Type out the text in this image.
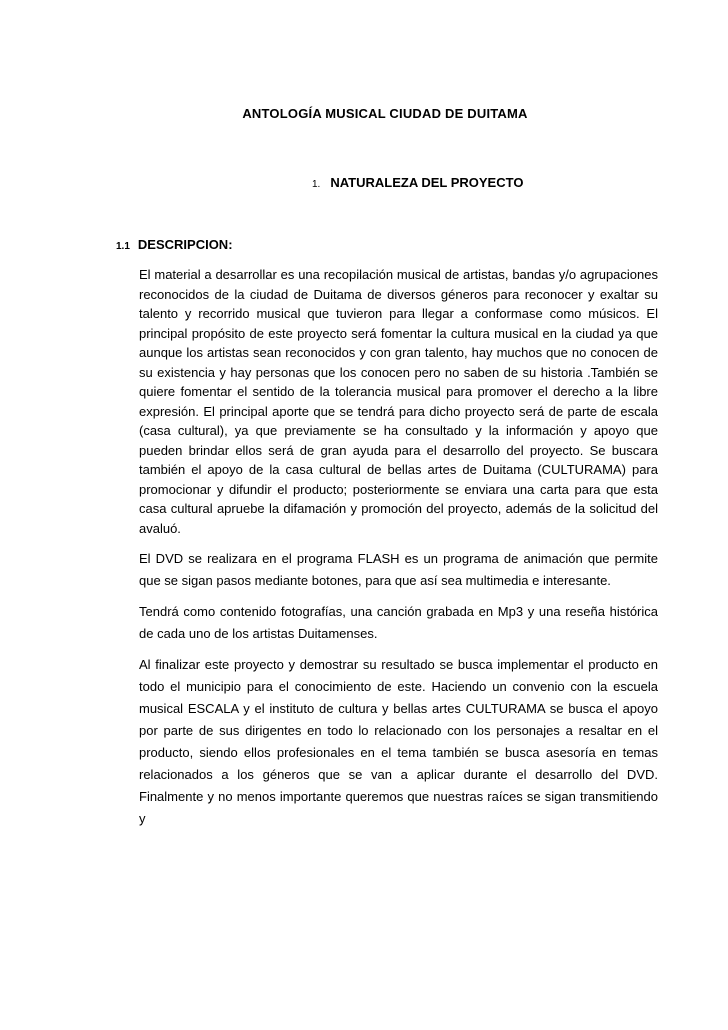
ANTOLOGÍA MUSICAL CIUDAD DE DUITAMA
1. NATURALEZA DEL PROYECTO
1.1 DESCRIPCION:

El material a desarrollar es una recopilación musical de artistas, bandas y/o agrupaciones reconocidos de la ciudad de Duitama de diversos géneros para reconocer y exaltar su talento y recorrido musical que tuvieron para llegar a conformase como músicos. El principal propósito de este proyecto será fomentar la cultura musical en la ciudad ya que aunque los artistas sean reconocidos y con gran talento, hay muchos que no conocen de su existencia y hay personas que los conocen pero no saben de su historia .También se quiere fomentar el sentido de la tolerancia musical para promover el derecho a la libre expresión. El principal aporte que se tendrá para dicho proyecto será de parte de escala (casa cultural), ya que previamente se ha consultado y la información y apoyo que pueden brindar ellos será de gran ayuda para el desarrollo del proyecto. Se buscara también el apoyo de la casa cultural de bellas artes de Duitama (CULTURAMA) para promocionar y difundir el producto; posteriormente se enviara una carta para que esta casa cultural apruebe la difamación y promoción del proyecto, además de la solicitud del avaluó.

El DVD se realizara en el programa FLASH es un programa de animación que permite que se sigan pasos mediante botones, para que así sea multimedia e interesante.

Tendrá como contenido fotografías, una canción grabada en Mp3 y una reseña histórica de cada uno de los artistas Duitamenses.

Al finalizar este proyecto y demostrar su resultado se busca implementar el producto en todo el municipio para el conocimiento de este. Haciendo un convenio con la escuela musical ESCALA y el instituto de cultura y bellas artes CULTURAMA se busca el apoyo por parte de sus dirigentes en todo lo relacionado con los personajes a resaltar en el producto, siendo ellos profesionales en el tema también se busca asesoría en temas relacionados a los géneros que se van a aplicar durante el desarrollo del DVD. Finalmente y no menos importante queremos que nuestras raíces se sigan transmitiendo y
